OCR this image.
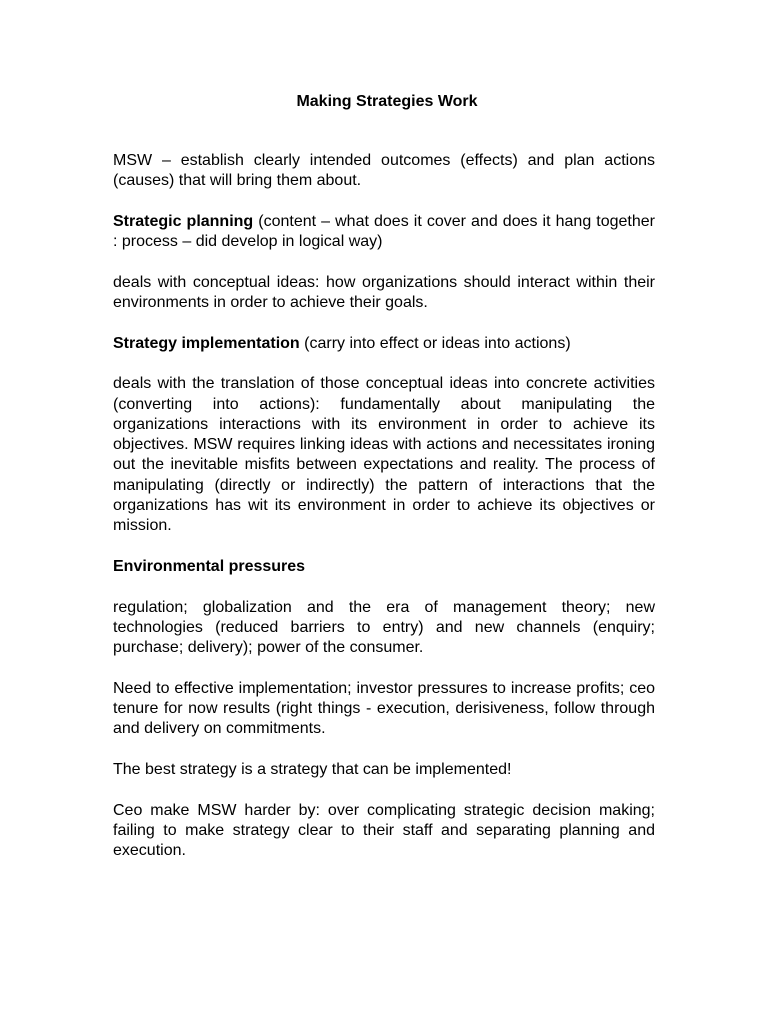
Making Strategies Work

MSW – establish clearly intended outcomes (effects) and plan actions (causes) that will bring them about.

Strategic planning (content – what does it cover and does it hang together : process – did develop in logical way)

deals with conceptual ideas: how organizations should interact within their environments in order to achieve their goals.

Strategy implementation (carry into effect or ideas into actions)

deals with the translation of those conceptual ideas into concrete activities (converting into actions): fundamentally about manipulating the organizations interactions with its environment in order to achieve its objectives. MSW requires linking ideas with actions and necessitates ironing out the inevitable misfits between expectations and reality. The process of manipulating (directly or indirectly) the pattern of interactions that the organizations has wit its environment in order to achieve its objectives or mission.

Environmental pressures

regulation; globalization and the era of management theory; new technologies (reduced barriers to entry) and new channels (enquiry; purchase; delivery); power of the consumer.

Need to effective implementation; investor pressures to increase profits; ceo tenure for now results (right things - execution, derisiveness, follow through and delivery on commitments.

The best strategy is a strategy that can be implemented!

Ceo make MSW harder by: over complicating strategic decision making; failing to make strategy clear to their staff and separating planning and execution.
